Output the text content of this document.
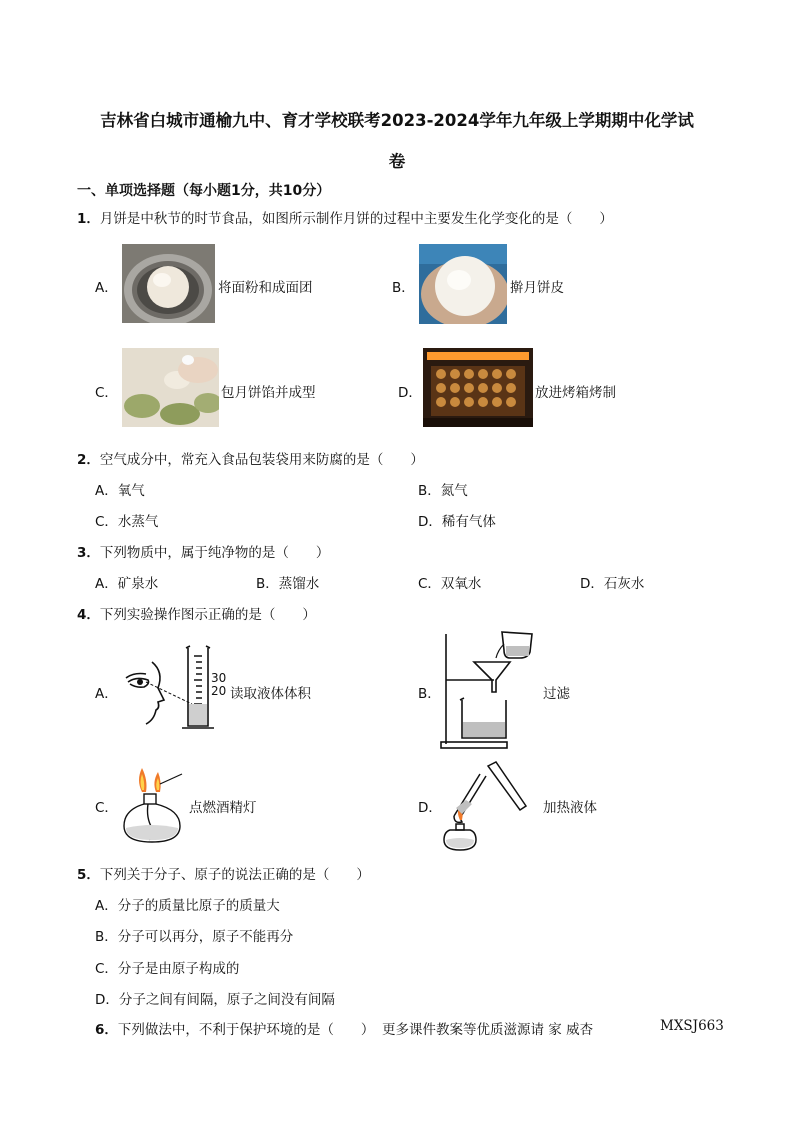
吉林省白城市通榆九中、育才学校联考2023-2024学年九年级上学期期中化学试
卷
一、单项选择题（每小题1分，共10分）
1．月饼是中秋节的时节食品，如图所示制作月饼的过程中主要发生化学变化的是（　　）
A．	将面粉和成面团	B．	擀月饼皮
C．	包月饼馅并成型	D．	放进烤箱烤制
2．空气成分中，常充入食品包装袋用来防腐的是（　　）
A．氧气	B．氮气
C．水蒸气	D．稀有气体
3．下列物质中，属于纯净物的是（　　）
A．矿泉水	B．蒸馏水	C．双氧水	D．石灰水
4．下列实验操作图示正确的是（　　）
A．
30
20 读取液体体积	B．	过滤
C．	点燃酒精灯	D．	加热液体
5．下列关于分子、原子的说法正确的是（　　）
A．分子的质量比原子的质量大
B．分子可以再分，原子不能再分
C．分子是由原子构成的
D．分子之间有间隔，原子之间没有间隔
6．下列做法中，不利于保护环境的是（　　） 更多课件教案等优质滋源请 家 威杏	MXSJ663
